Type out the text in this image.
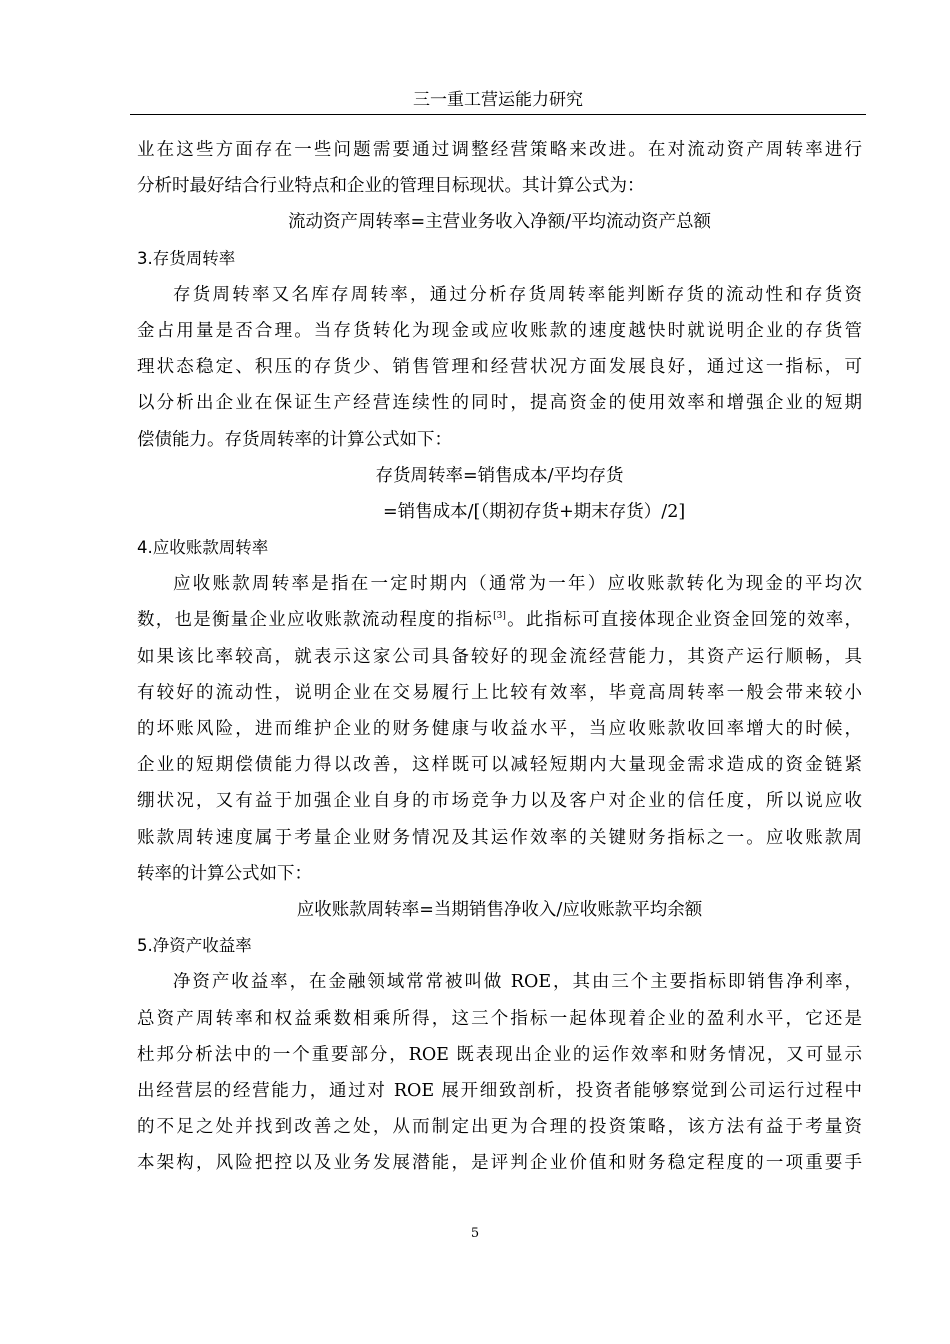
三一重工营运能力研究
业在这些方面存在一些问题需要通过调整经营策略来改进。在对流动资产周转率进行
分析时最好结合行业特点和企业的管理目标现状。其计算公式为：
流动资产周转率=主营业务收入净额/平均流动资产总额
3.存货周转率
存货周转率又名库存周转率，通过分析存货周转率能判断存货的流动性和存货资
金占用量是否合理。当存货转化为现金或应收账款的速度越快时就说明企业的存货管
理状态稳定、积压的存货少、销售管理和经营状况方面发展良好，通过这一指标，可
以分析出企业在保证生产经营连续性的同时，提高资金的使用效率和增强企业的短期
偿债能力。存货周转率的计算公式如下：
存货周转率=销售成本/平均存货
=销售成本/[（期初存货+期末存货）/2]
4.应收账款周转率
应收账款周转率是指在一定时期内（通常为一年）应收账款转化为现金的平均次
数，也是衡量企业应收账款流动程度的指标[3]。此指标可直接体现企业资金回笼的效率，
如果该比率较高，就表示这家公司具备较好的现金流经营能力，其资产运行顺畅，具
有较好的流动性，说明企业在交易履行上比较有效率，毕竟高周转率一般会带来较小
的坏账风险，进而维护企业的财务健康与收益水平，当应收账款收回率增大的时候，
企业的短期偿债能力得以改善，这样既可以减轻短期内大量现金需求造成的资金链紧
绷状况，又有益于加强企业自身的市场竞争力以及客户对企业的信任度，所以说应收
账款周转速度属于考量企业财务情况及其运作效率的关键财务指标之一。应收账款周
转率的计算公式如下：
应收账款周转率=当期销售净收入/应收账款平均余额
5.净资产收益率
净资产收益率，在金融领域常常被叫做 ROE，其由三个主要指标即销售净利率，
总资产周转率和权益乘数相乘所得，这三个指标一起体现着企业的盈利水平，它还是
杜邦分析法中的一个重要部分，ROE 既表现出企业的运作效率和财务情况，又可显示
出经营层的经营能力，通过对 ROE 展开细致剖析，投资者能够察觉到公司运行过程中
的不足之处并找到改善之处，从而制定出更为合理的投资策略，该方法有益于考量资
本架构，风险把控以及业务发展潜能，是评判企业价值和财务稳定程度的一项重要手
5
